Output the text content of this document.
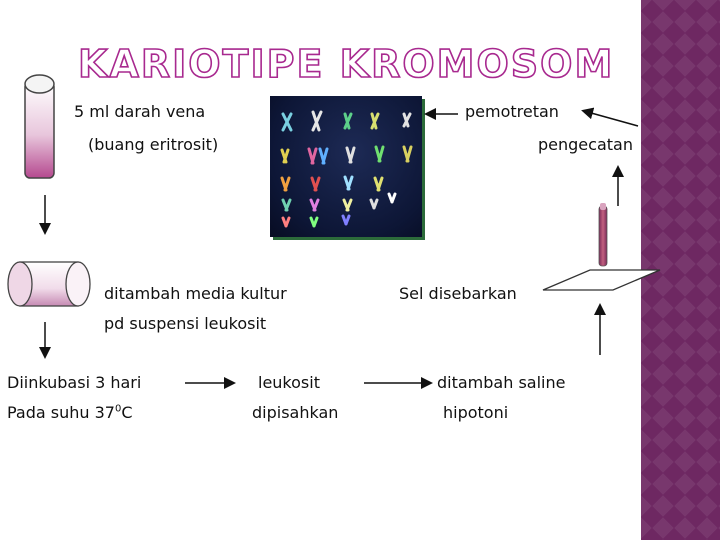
KARIOTIPE KROMOSOM
5 ml darah vena
(buang eritrosit)
pemotretan
pengecatan
ditambah media kultur
pd suspensi leukosit
Sel disebarkan
Diinkubasi 3 hari
Pada suhu $37^0C$
leukosit
dipisahkan
ditambah saline
hipotoni
